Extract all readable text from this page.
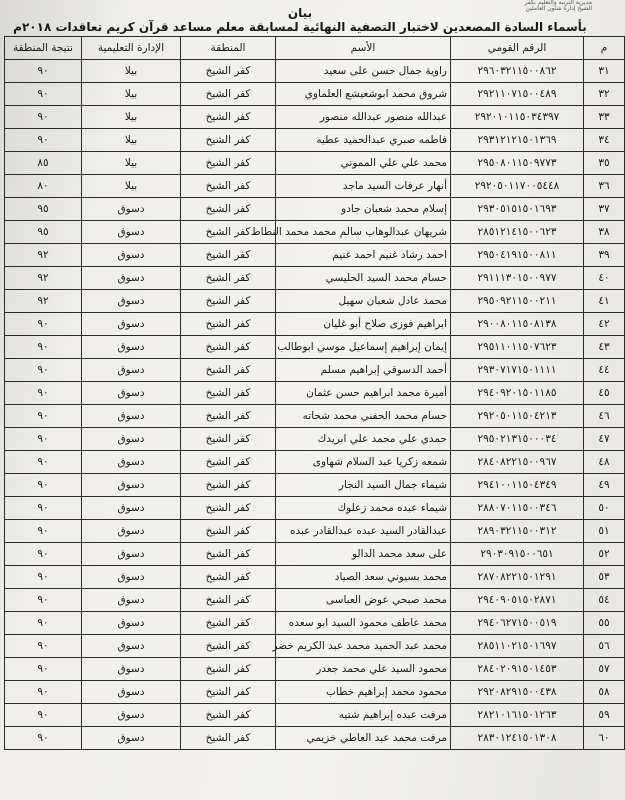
مديرية التربية والتعليم بكفر الشيخ إدارة شئون العاملين
بيان
بأسماء السادة المصعدين لاختبار التصفية النهائية لمسابقة معلم مساعد قرآن كريم تعاقدات ٢٠١٨م
م	الرقم القومي	الأسم	المنطقة	الإدارة التعليمية	نتيجة المنطقة
٣١	٢٩٦٠٣٢١١٥٠٠٨٦٢	راوية جمال حسن على سعيد	كفر الشيخ	بيلا	٩٠
٣٢	٢٩٢١١٠٧١٥٠٠٤٨٩	شروق محمد ابوشعيشع العلماوي	كفر الشيخ	بيلا	٩٠
٣٣	٢٩٢٠١٠١١٥٠٣٤٣٩٧	عبدالله منصور عبدالله منصور	كفر الشيخ	بيلا	٩٠
٣٤	٢٩٣١٢١٢١٥٠١٣٦٩	فاطمه صبري عبدالحميد عطيه	كفر الشيخ	بيلا	٩٠
٣٥	٢٩٥٠٨٠١١٥٠٩٧٧٣	محمد علي علي المموني	كفر الشيخ	بيلا	٨٥
٣٦	٢٩٢٠٥٠١١٧٠٠٥٤٤٨	أنهار عرفات السيد ماجد	كفر الشيخ	بيلا	٨٠
٣٧	٢٩٣٠٥١٥١٥٠١٦٩٣	إسلام محمد شعبان جادو	كفر الشيخ	دسوق	٩٥
٣٨	٢٨٥١٢١٤١٥٠٠٦٢٣	شريهان عبدالوهاب سالم محمد محمد النطاط	كفر الشيخ	دسوق	٩٥
٣٩	٢٩٥٠٤١٩١٥٠٠٨١١	احمد رشاد غنيم احمد غنيم	كفر الشيخ	دسوق	٩٢
٤٠	٢٩١١١٣٠١٥٠٠٩٧٧	حسام محمد السيد الحليسي	كفر الشيخ	دسوق	٩٢
٤١	٢٩٥٠٩٢١١٥٠٠٢١١	محمد عادل شعبان سهيل	كفر الشيخ	دسوق	٩٢
٤٢	٢٩٠٠٨٠١١٥٠٨١٣٨	ابراهيم فوزى صلاح أبو غليان	كفر الشيخ	دسوق	٩٠
٤٣	٢٩٥١١٠١١٥٠٧٦٢٣	إيمان إبراهيم إسماعيل موسي ابوطالب	كفر الشيخ	دسوق	٩٠
٤٤	٢٩٣٠٧١٧١٥٠١١١١	أحمد الدسوقي إبراهيم مسلم	كفر الشيخ	دسوق	٩٠
٤٥	٢٩٤٠٩٢٠١٥٠١١٨٥	أميرة محمد ابراهيم حسن عثمان	كفر الشيخ	دسوق	٩٠
٤٦	٢٩٢٠٥٠١١٥٠٤٢١٣	حسام محمد الحفني محمد شحاته	كفر الشيخ	دسوق	٩٠
٤٧	٢٩٥٠٢١٣١٥٠٠٠٣٤	حمدي علي محمد علي ابريدك	كفر الشيخ	دسوق	٩٠
٤٨	٢٨٤٠٨٢٢١٥٠٠٩٦٧	شمعه زكريا عبد السلام شهاوى	كفر الشيخ	دسوق	٩٠
٤٩	٢٩٤١٠٠١١٥٠٤٣٤٩	شيماء جمال السيد النجار	كفر الشيخ	دسوق	٩٠
٥٠	٢٨٨٠٧٠١١٥٠٠٣٤٦	شيماء عبده محمد زعلوك	كفر الشيخ	دسوق	٩٠
٥١	٢٨٩٠٣٢١١٥٠٠٣١٢	عبدالقادر السيد عبده عبدالقادر عبده	كفر الشيخ	دسوق	٩٠
٥٢	٢٩٠٣٠٩١٥٠٠٦٥١	على سعد محمد الدالو	كفر الشيخ	دسوق	٩٠
٥٣	٢٨٧٠٨٢٢١٥٠١٢٩١	محمد بسيوني سعد الصياد	كفر الشيخ	دسوق	٩٠
٥٤	٢٩٤٠٩٠٥١٥٠٢٨٧١	محمد صبحي عوض العباسى	كفر الشيخ	دسوق	٩٠
٥٥	٢٩٤٠٦٢٧١٥٠٠٥١٩	محمد عاطف محمود السيد ابو سعده	كفر الشيخ	دسوق	٩٠
٥٦	٢٨٥١١٠٢١٥٠١٦٩٧	محمد عبد الحميد محمد عبد الكريم خضر	كفر الشيخ	دسوق	٩٠
٥٧	٢٨٤٠٢٠٩١٥٠١٤٥٣	محمود السيد علي محمد جعدر	كفر الشيخ	دسوق	٩٠
٥٨	٢٩٢٠٨٢٩١٥٠٠٤٣٨	محمود محمد إبراهيم خطاب	كفر الشيخ	دسوق	٩٠
٥٩	٢٨٢١٠١٦١٥٠١٢٦٣	مرفت عبده إبراهيم شتيه	كفر الشيخ	دسوق	٩٠
٦٠	٢٨٣٠١٢٤١٥٠١٣٠٨	مرفت محمد عبد العاطي خزيمي	كفر الشيخ	دسوق	٩٠
